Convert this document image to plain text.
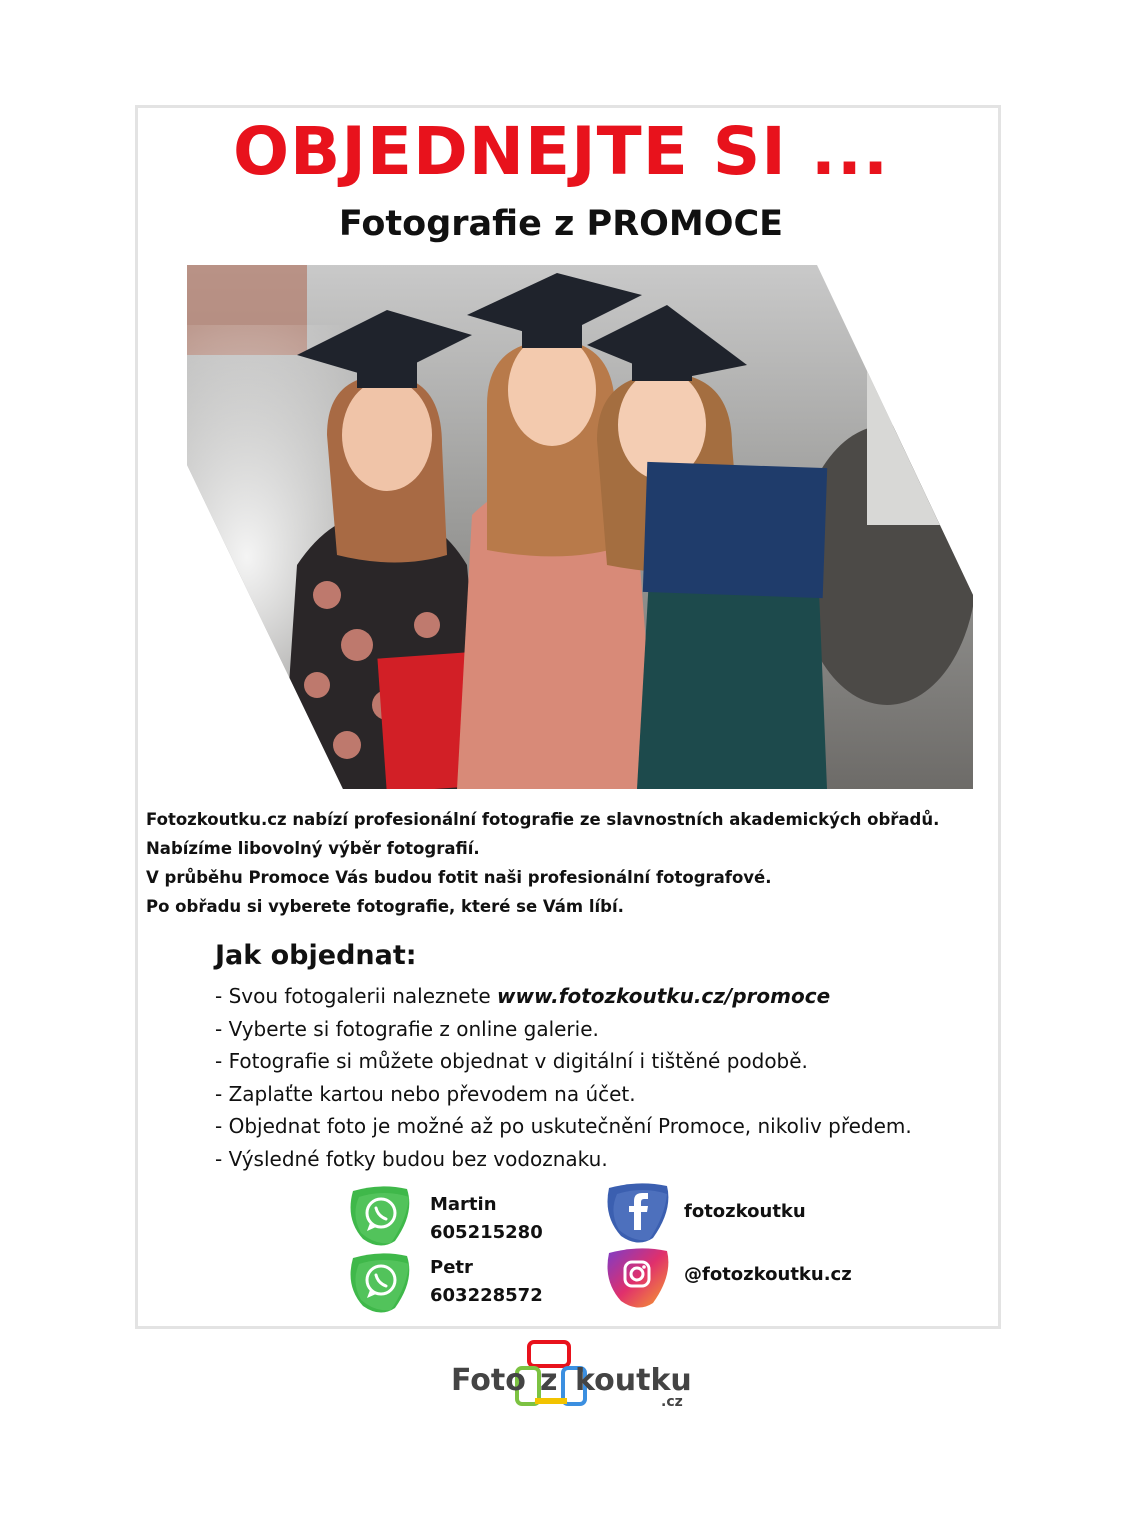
OBJEDNEJTE SI ...
Fotografie z PROMOCE
Fotozkoutku.cz nabízí profesionální fotografie ze slavnostních akademických obřadů.
Nabízíme libovolný výběr fotografií.
V průběhu Promoce Vás budou fotit naši profesionální fotografové.
Po obřadu si vyberete fotografie, které se Vám líbí.
Jak objednat:
- Svou fotogalerii naleznete www.fotozkoutku.cz/promoce
- Vyberte si fotografie z online galerie.
- Fotografie si můžete objednat v digitální i tištěné podobě.
- Zaplaťte kartou nebo převodem na účet.
- Objednat foto je možné až po uskutečnění Promoce, nikoliv předem.
- Výsledné fotky budou bez vodoznaku.
Martin
605215280
Petr
603228572
fotozkoutku
@fotozkoutku.cz
Foto z koutku
.cz
